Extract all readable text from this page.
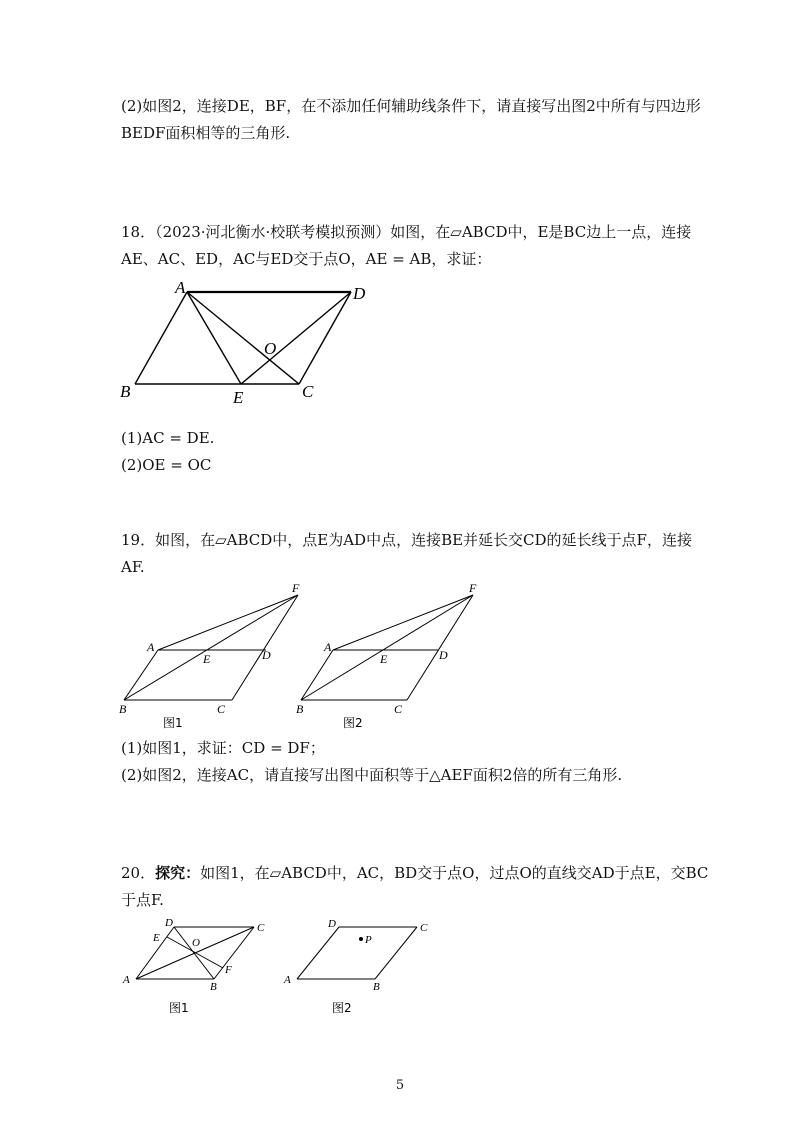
(2)如图2，连接DE，BF，在不添加任何辅助线条件下，请直接写出图2中所有与四边形
BEDF面积相等的三角形.
18．（2023·河北衡水·校联考模拟预测）如图，在▱ABCD中，E是BC边上一点，连接
AE、AC、ED，AC与ED交于点O，AE = AB，求证：
A	D
O
B	E	C
(1)AC = DE.
(2)OE = OC
19．如图，在▱ABCD中，点E为AD中点，连接BE并延长交CD的延长线于点F，连接
AF.
F
A
E	D
B	C
图1
F
A
E	D
B	C
图2
(1)如图1，求证：CD = DF；
(2)如图2，连接AC，请直接写出图中面积等于△AEF面积2倍的所有三角形.
20．探究：如图1，在▱ABCD中，AC，BD交于点O，过点O的直线交AD于点E，交BC
于点F.
D	C
E	O
F
A
B
图1
D	C
P
A
B
图2
5
